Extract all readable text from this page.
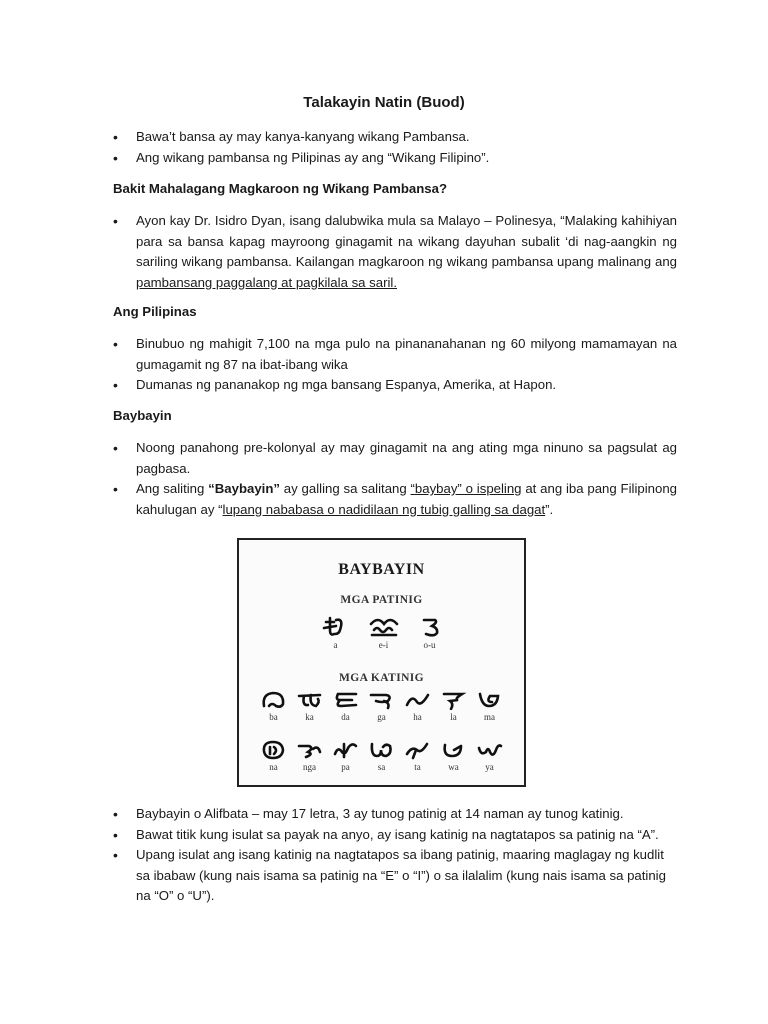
Talakayin Natin (Buod)
• Bawa’t bansa ay may kanya-kanyang wikang Pambansa.
• Ang wikang pambansa ng Pilipinas ay ang “Wikang Filipino”.
Bakit Mahalagang Magkaroon ng Wikang Pambansa?
• Ayon kay Dr. Isidro Dyan, isang dalubwika mula sa Malayo – Polinesya, “Malaking kahihiyan para sa bansa kapag mayroong ginagamit na wikang dayuhan subalit ‘di nag-aangkin ng sariling wikang pambansa. Kailangan magkaroon ng wikang pambansa upang malinang ang pambansang paggalang at pagkilala sa saril.
Ang Pilipinas
• Binubuo ng mahigit 7,100 na mga pulo na pinananahanan ng 60 milyong mamamayan na gumagamit ng 87 na ibat-ibang wika
• Dumanas ng pananakop ng mga bansang Espanya, Amerika, at Hapon.
Baybayin
• Noong panahong pre-kolonyal ay may ginagamit na ang ating mga ninuno sa pagsulat ag pagbasa.
• Ang saliting “Baybayin” ay galling sa salitang “baybay” o ispeling at ang iba pang Filipinong kahulugan ay “lupang nababasa o nadidilaan ng tubig galling sa dagat”.
BAYBAYIN
MGA PATINIG
a	e-i	o-u
MGA KATINIG
ba	ka	da	ga	ha	la	ma
na	nga	pa	sa	ta	wa	ya
• Baybayin o Alifbata – may 17 letra, 3 ay tunog patinig at 14 naman ay tunog katinig.
• Bawat titik kung isulat sa payak na anyo, ay isang katinig na nagtatapos sa patinig na “A”.
• Upang isulat ang isang katinig na nagtatapos sa ibang patinig, maaring maglagay ng kudlit sa ibabaw (kung nais isama sa patinig na “E” o “I”) o sa ilalalim (kung nais isama sa patinig na “O” o “U”).
